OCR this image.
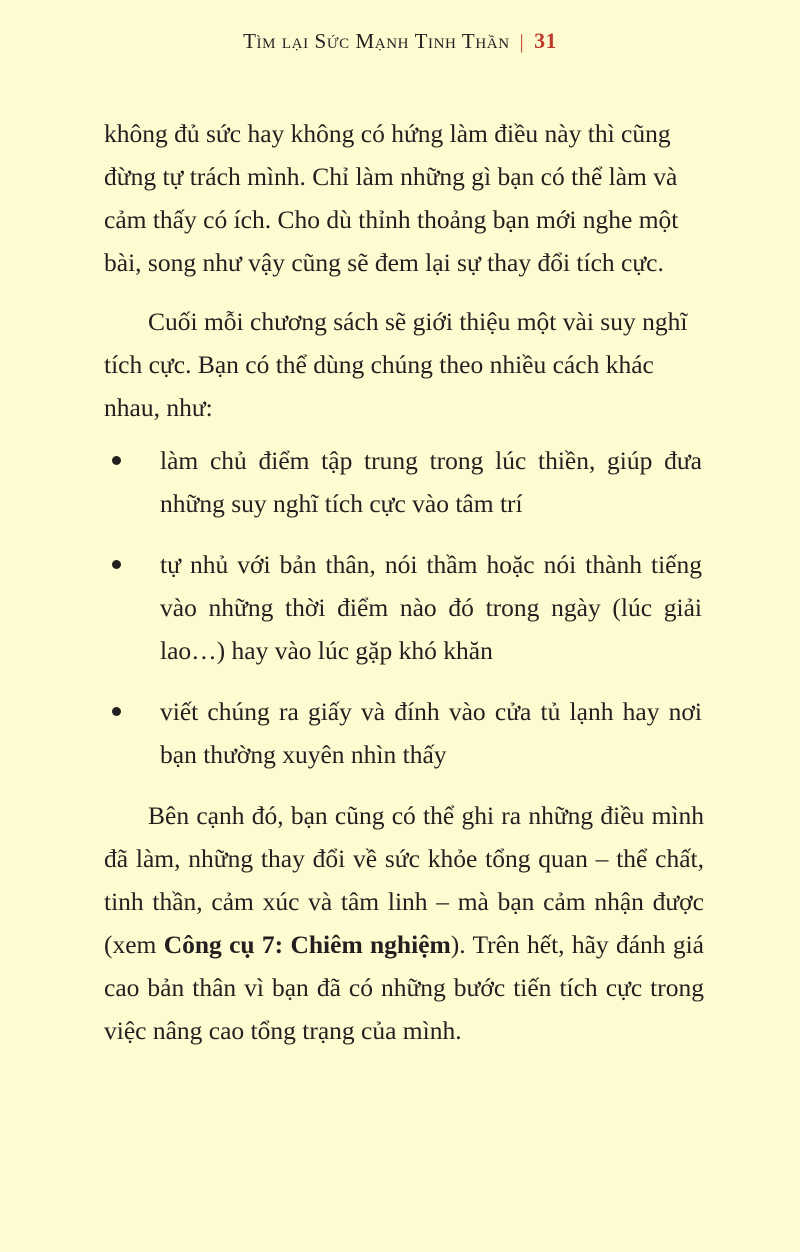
Tìm lại Sức Mạnh Tinh Thần | 31

không đủ sức hay không có hứng làm điều này thì cũng đừng tự trách mình. Chỉ làm những gì bạn có thể làm và cảm thấy có ích. Cho dù thỉnh thoảng bạn mới nghe một bài, song như vậy cũng sẽ đem lại sự thay đổi tích cực.

Cuối mỗi chương sách sẽ giới thiệu một vài suy nghĩ tích cực. Bạn có thể dùng chúng theo nhiều cách khác nhau, như:

làm chủ điểm tập trung trong lúc thiền, giúp đưa những suy nghĩ tích cực vào tâm trí
tự nhủ với bản thân, nói thầm hoặc nói thành tiếng vào những thời điểm nào đó trong ngày (lúc giải lao…) hay vào lúc gặp khó khăn
viết chúng ra giấy và đính vào cửa tủ lạnh hay nơi bạn thường xuyên nhìn thấy

Bên cạnh đó, bạn cũng có thể ghi ra những điều mình đã làm, những thay đổi về sức khỏe tổng quan – thể chất, tinh thần, cảm xúc và tâm linh – mà bạn cảm nhận được (xem Công cụ 7: Chiêm nghiệm). Trên hết, hãy đánh giá cao bản thân vì bạn đã có những bước tiến tích cực trong việc nâng cao tổng trạng của mình.
